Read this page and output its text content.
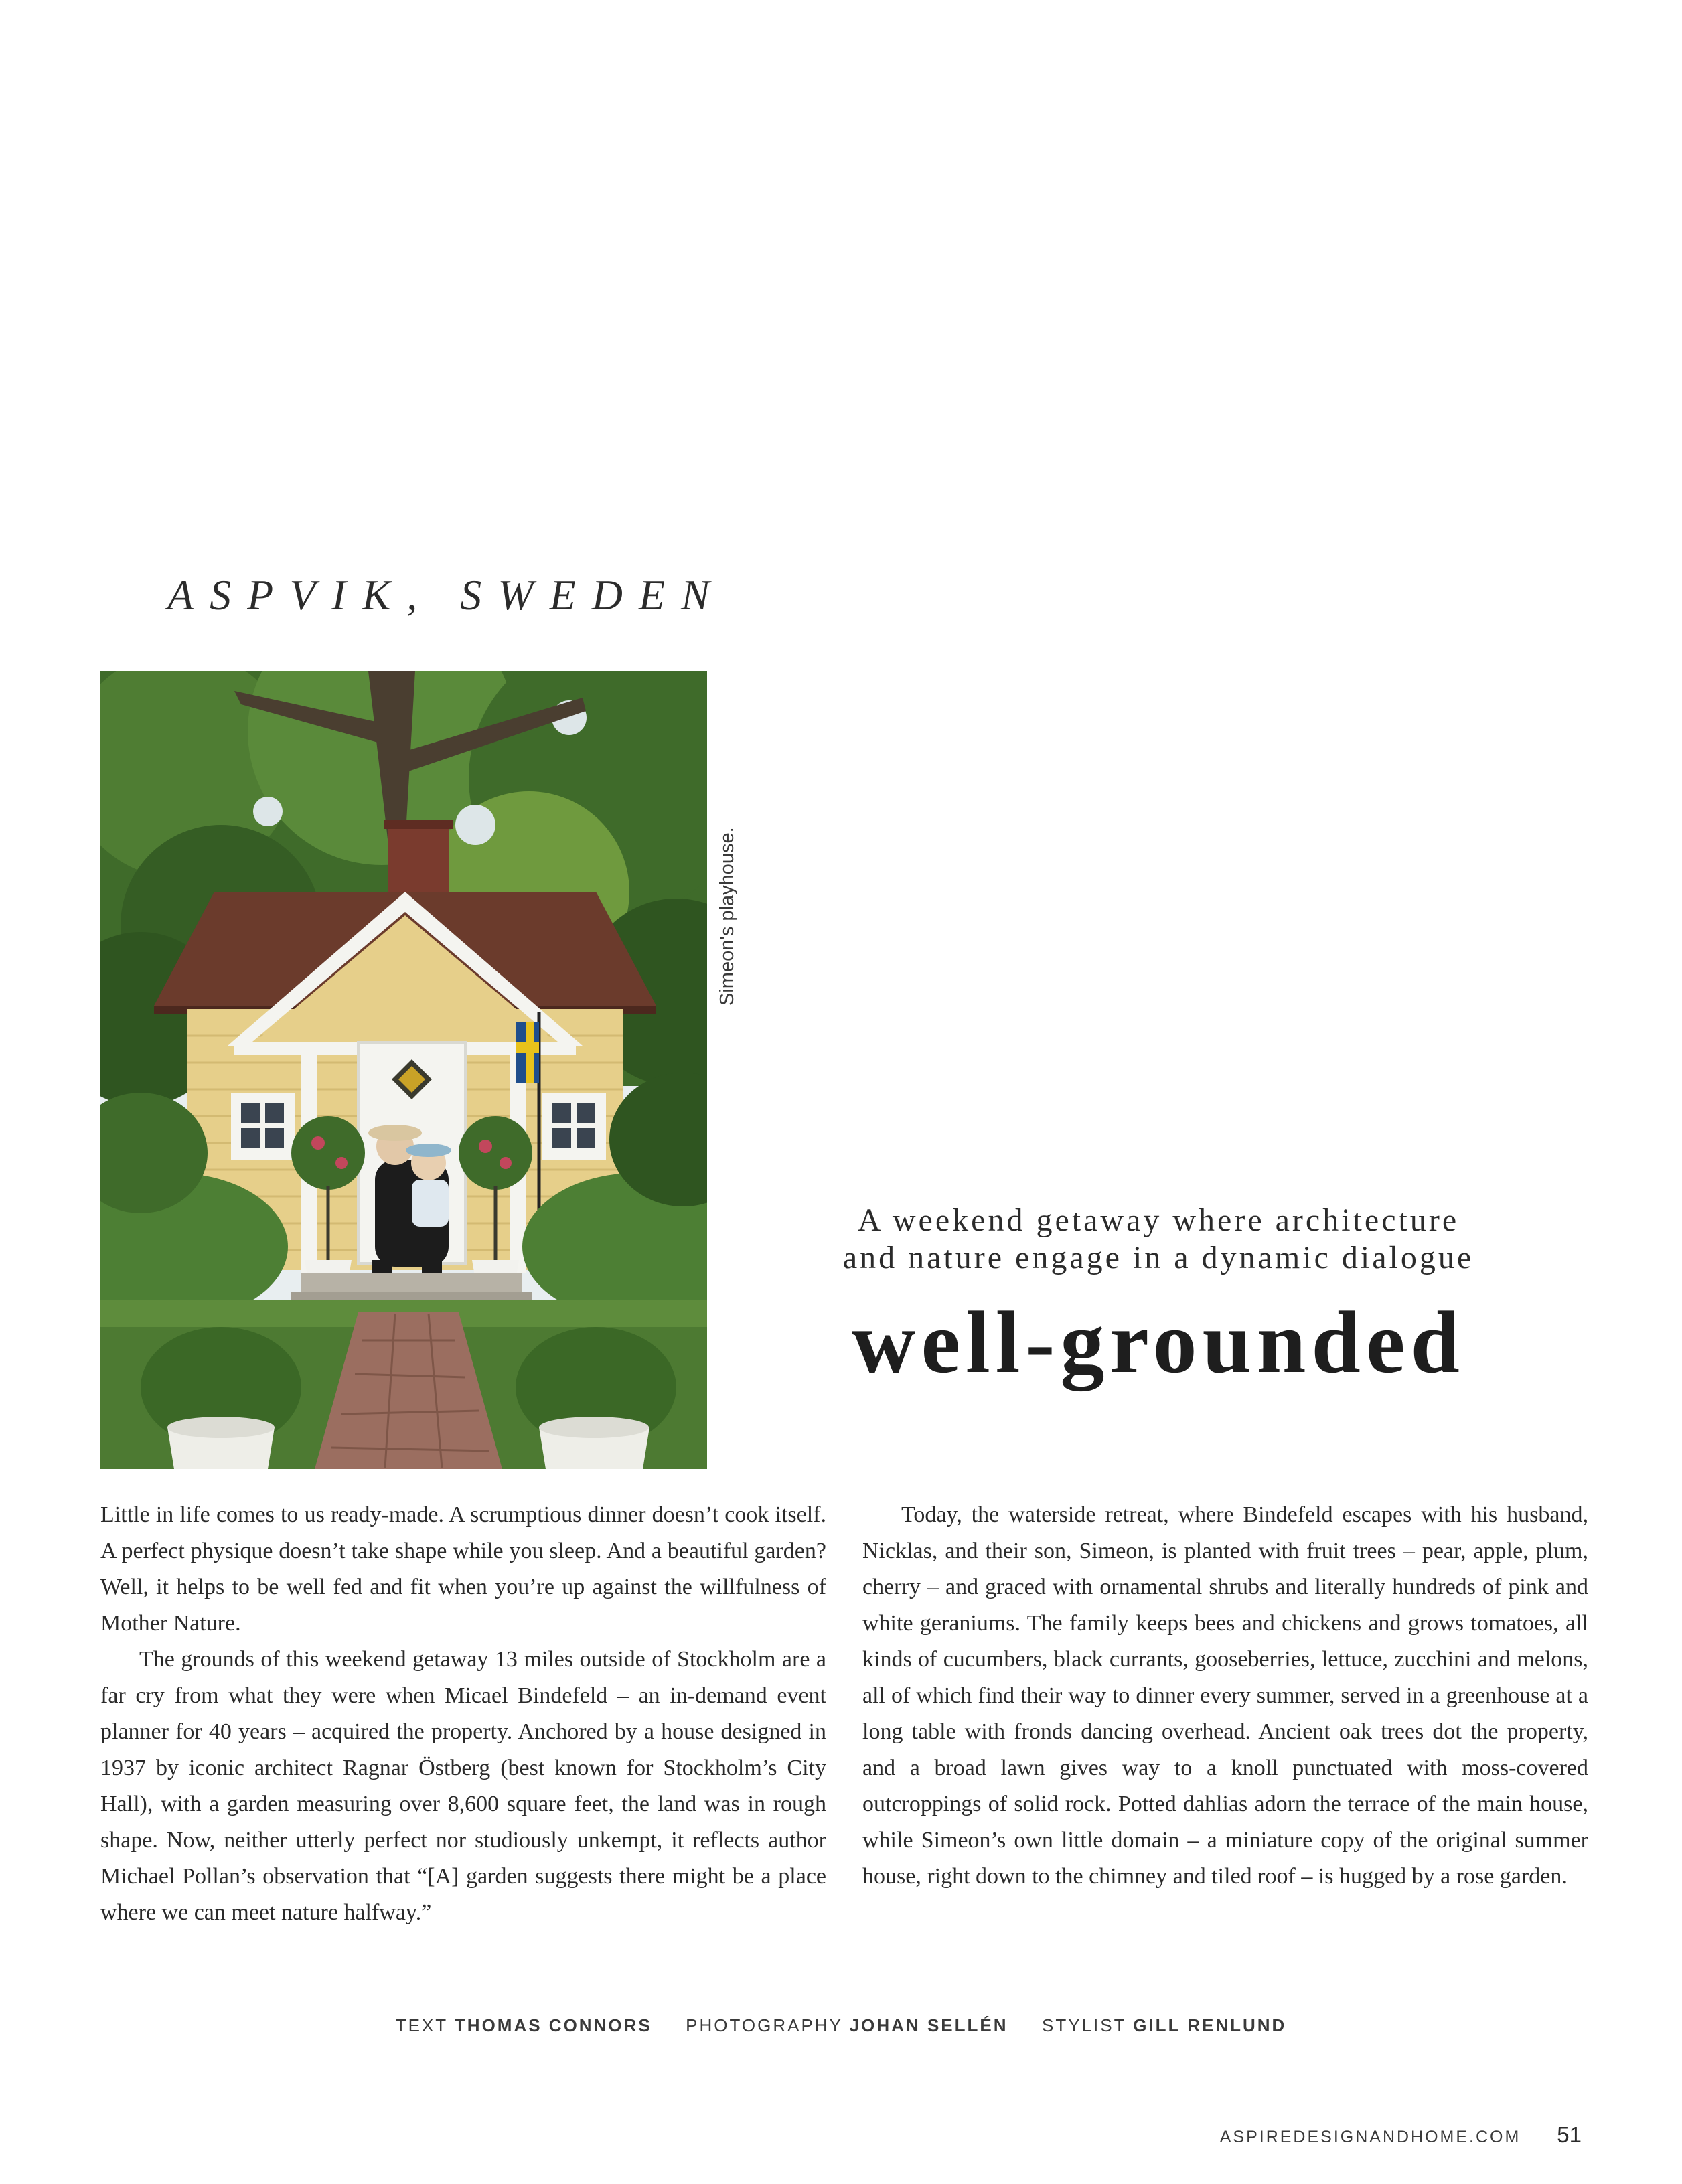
ASPVIK, SWEDEN
Simeon's playhouse.
A weekend getaway where architecture
and nature engage in a dynamic dialogue
well-grounded

Little in life comes to us ready-made. A scrumptious dinner doesn’t cook itself. A perfect physique doesn’t take shape while you sleep. And a beautiful garden? Well, it helps to be well fed and fit when you’re up against the willfulness of Mother Nature.

The grounds of this weekend getaway 13 miles outside of Stockholm are a far cry from what they were when Micael Bindefeld – an in-demand event planner for 40 years – acquired the property. Anchored by a house designed in 1937 by iconic architect Ragnar Östberg (best known for Stockholm’s City Hall), with a garden measuring over 8,600 square feet, the land was in rough shape. Now, neither utterly perfect nor studiously unkempt, it reflects author Michael Pollan’s observation that “[A] garden suggests there might be a place where we can meet nature halfway.”

Today, the waterside retreat, where Bindefeld escapes with his husband, Nicklas, and their son, Simeon, is planted with fruit trees – pear, apple, plum, cherry – and graced with ornamental shrubs and literally hundreds of pink and white geraniums. The family keeps bees and chickens and grows tomatoes, all kinds of cucumbers, black currants, gooseberries, lettuce, zucchini and melons, all of which find their way to dinner every summer, served in a greenhouse at a long table with fronds dancing overhead. Ancient oak trees dot the property, and a broad lawn gives way to a knoll punctuated with moss-covered outcroppings of solid rock. Potted dahlias adorn the terrace of the main house, while Simeon’s own little domain – a miniature copy of the original summer house, right down to the chimney and tiled roof – is hugged by a rose garden.

TEXT THOMAS CONNORS PHOTOGRAPHY JOHAN SELLÉN STYLIST GILL RENLUND
ASPIREDESIGNANDHOME.COM 51
